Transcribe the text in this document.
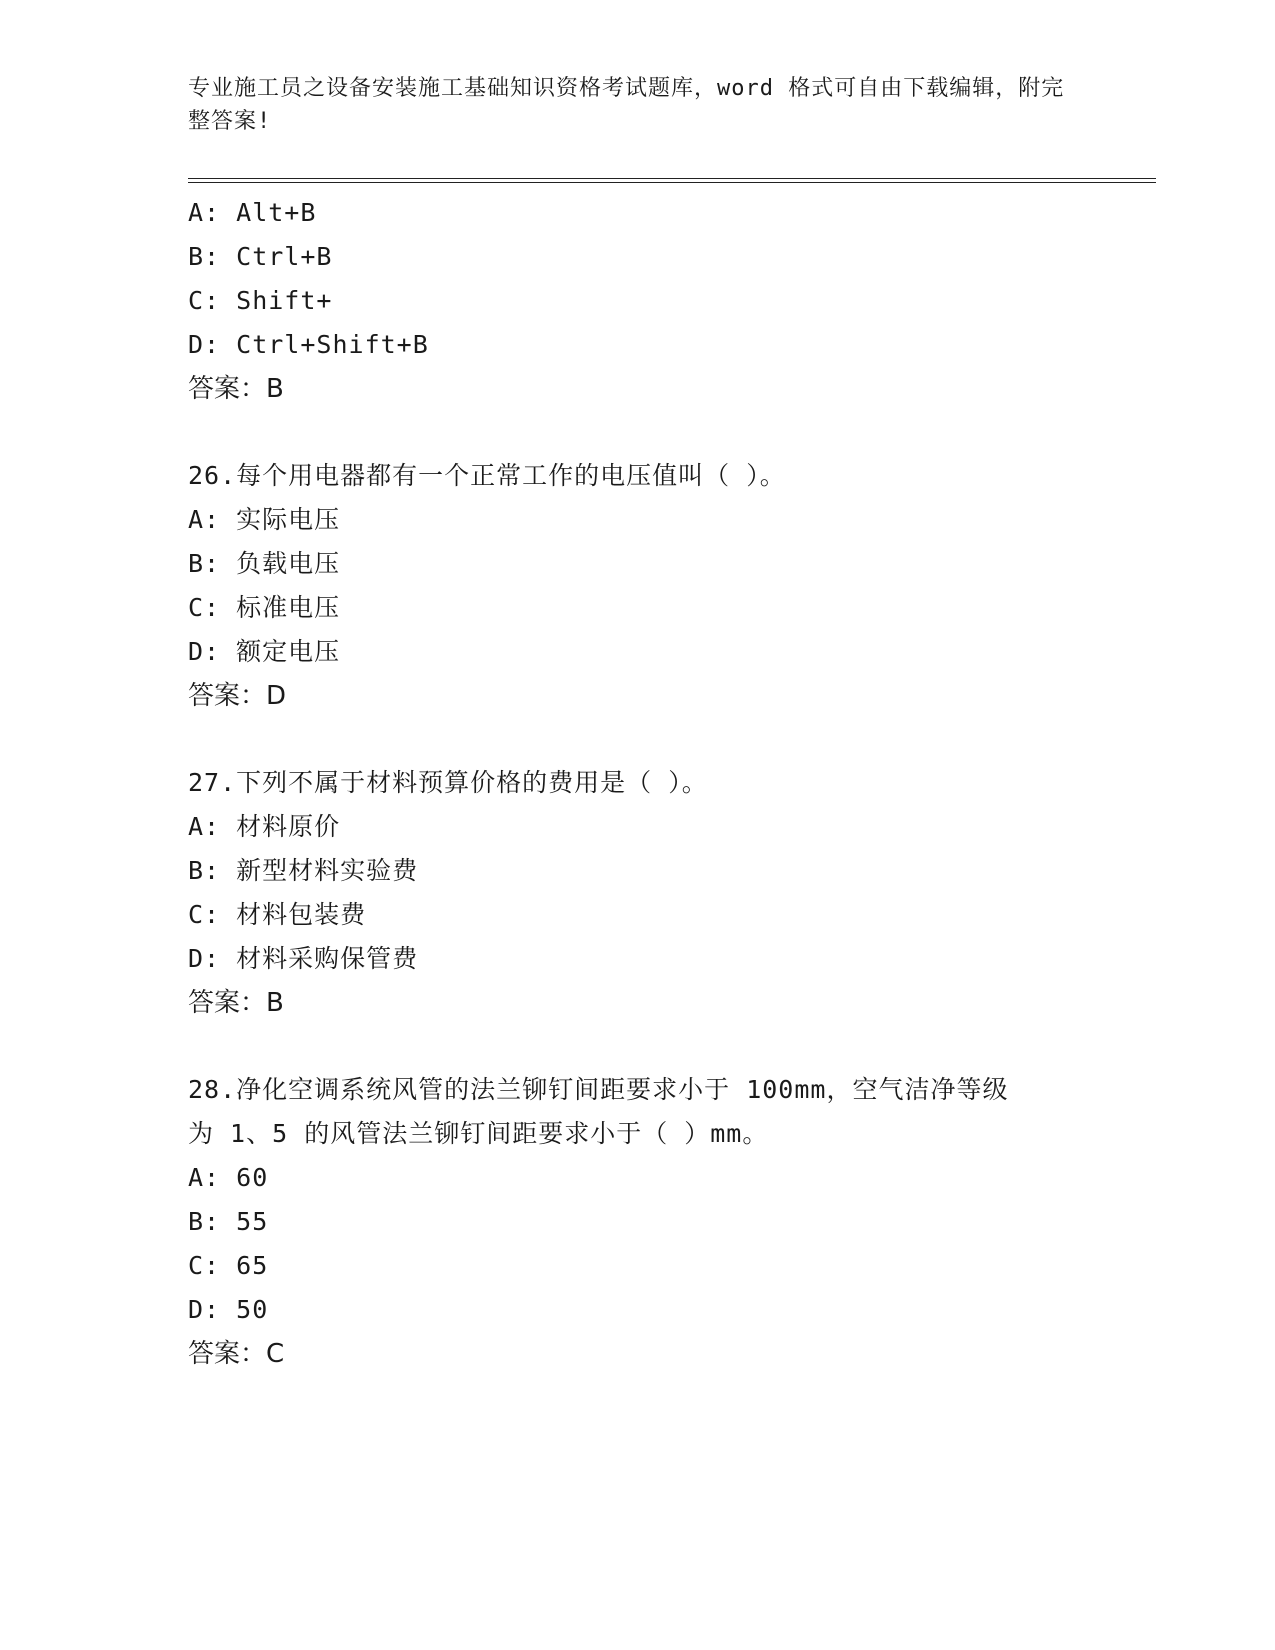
专业施工员之设备安装施工基础知识资格考试题库，word 格式可自由下载编辑，附完整答案!
A: Alt+B
B: Ctrl+B
C: Shift+
D: Ctrl+Shift+B
答案：B
26.每个用电器都有一个正常工作的电压值叫（ ）。
A: 实际电压
B: 负载电压
C: 标准电压
D: 额定电压
答案：D
27.下列不属于材料预算价格的费用是（ ）。
A: 材料原价
B: 新型材料实验费
C: 材料包装费
D: 材料采购保管费
答案：B
28.净化空调系统风管的法兰铆钉间距要求小于 100mm，空气洁净等级
为 1、5 的风管法兰铆钉间距要求小于（ ）mm。
A: 60
B: 55
C: 65
D: 50
答案：C
